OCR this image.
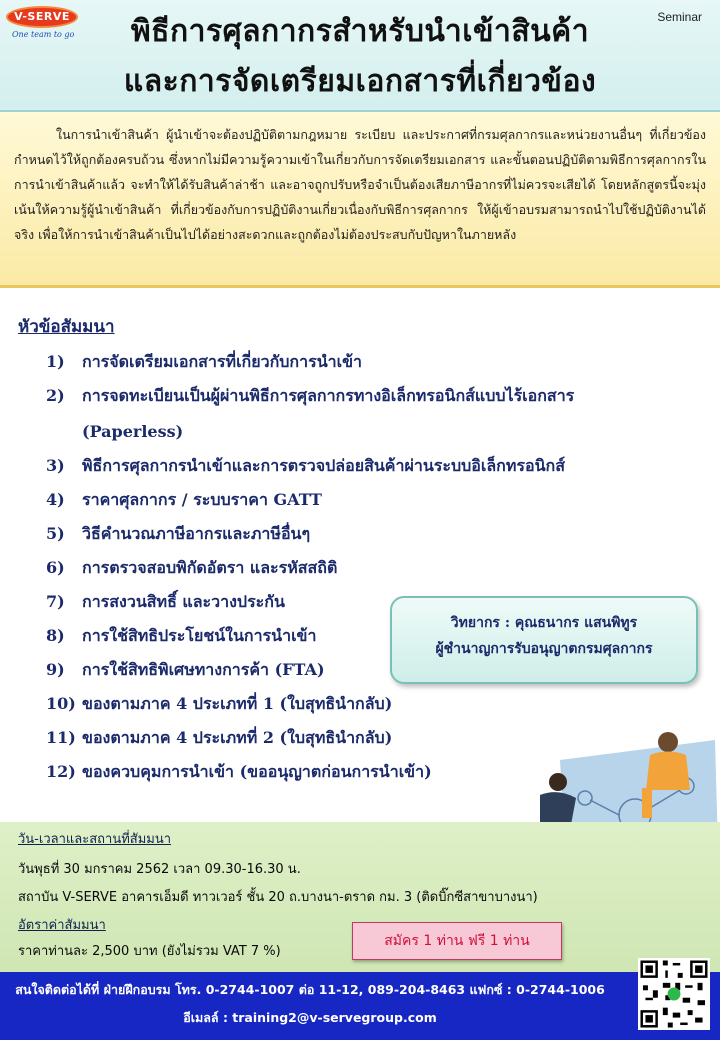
V-SERVE
One team to go
Seminar
พิธีการศุลกากรสำหรับนำเข้าสินค้า
และการจัดเตรียมเอกสารที่เกี่ยวข้อง
ในการนำเข้าสินค้า ผู้นำเข้าจะต้องปฏิบัติตามกฎหมาย ระเบียบ และประกาศที่กรมศุลกากรและหน่วยงานอื่นๆ ที่เกี่ยวข้อง กำหนดไว้ให้ถูกต้องครบถ้วน ซึ่งหากไม่มีความรู้ความเข้าในเกี่ยวกับการจัดเตรียมเอกสาร และขั้นตอนปฏิบัติตามพิธีการศุลกากรในการนำเข้าสินค้าแล้ว จะทำให้ได้รับสินค้าล่าช้า และอาจถูกปรับหรือจำเป็นต้องเสียภาษีอากรที่ไม่ควรจะเสียได้ โดยหลักสูตรนี้จะมุ่งเน้นให้ความรู้ผู้นำเข้าสินค้า ที่เกี่ยวข้องกับการปฏิบัติงานเกี่ยวเนื่องกับพิธีการศุลกากร ให้ผู้เข้าอบรมสามารถนำไปใช้ปฏิบัติงานได้จริง เพื่อให้การนำเข้าสินค้าเป็นไปได้อย่างสะดวกและถูกต้องไม่ต้องประสบกับปัญหาในภายหลัง
หัวข้อสัมมนา
1)	การจัดเตรียมเอกสารที่เกี่ยวกับการนำเข้า
2)	การจดทะเบียนเป็นผู้ผ่านพิธีการศุลกากรทางอิเล็กทรอนิกส์แบบไร้เอกสาร
(Paperless)
3)	พิธีการศุลกากรนำเข้าและการตรวจปล่อยสินค้าผ่านระบบอิเล็กทรอนิกส์
4)	ราคาศุลกากร / ระบบราคา GATT
5)	วิธีคำนวณภาษีอากรและภาษีอื่นๆ
6)	การตรวจสอบพิกัดอัตรา และรหัสสถิติ
7)	การสงวนสิทธิ์ และวางประกัน
8)	การใช้สิทธิประโยชน์ในการนำเข้า
9)	การใช้สิทธิพิเศษทางการค้า (FTA)
10) ของตามภาค 4 ประเภทที่ 1 (ใบสุทธินำกลับ)
11) ของตามภาค 4 ประเภทที่ 2 (ใบสุทธินำกลับ)
12) ของควบคุมการนำเข้า (ขออนุญาตก่อนการนำเข้า)
วิทยากร : คุณธนากร แสนพิทูร
ผู้ชำนาญการรับอนุญาตกรมศุลกากร
วัน-เวลาและสถานที่สัมมนา
วันพุธที่ 30 มกราคม 2562 เวลา 09.30-16.30 น.
สถาบัน V-SERVE อาคารเอ็มดี ทาวเวอร์ ชั้น 20 ถ.บางนา-ตราด กม. 3 (ติดบิ๊กซีสาขาบางนา)
อัตราค่าสัมมนา
ราคาท่านละ 2,500 บาท (ยังไม่รวม VAT 7 %)
สมัคร 1 ท่าน ฟรี 1 ท่าน
สนใจติดต่อได้ที่ ฝ่ายฝึกอบรม โทร. 0-2744-1007 ต่อ 11-12, 089-204-8463 แฟกซ์ : 0-2744-1006
อีเมลล์ : training2@v-servegroup.com
